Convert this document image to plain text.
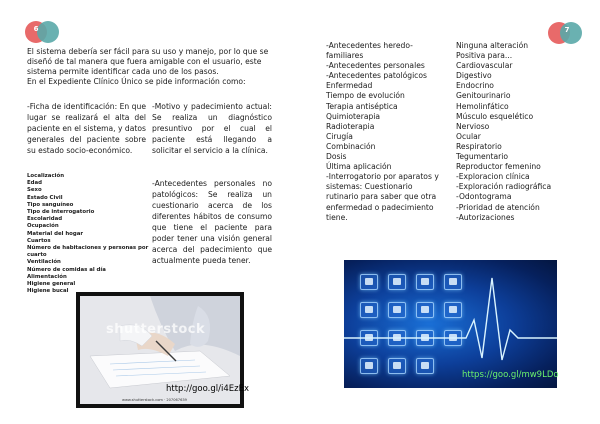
6
El sistema debería ser fácil para su uso y manejo, por lo que se
diseñó de tal manera que fuera amigable con el usuario, este
sistema permite identificar cada uno de los pasos.
En el Expediente Clínico Único se pide información como:

-Ficha de identificación: En que lugar se realizará el alta del paciente en el sistema, y datos generales del paciente sobre su estado socio-económico.

Localización
Edad
Sexo
Estado Civil
Tipo sanguíneo
Tipo de interrogatorio
Escolaridad
Ocupación
Material del hogar
Cuartos
Número de habitaciones y personas por cuarto
Ventilación
Número de comidas al día
Alimentación
Higiene general
Higiene bucal

-Motivo y padecimiento actual: Se realiza un diagnóstico presuntivo por el cual el paciente está llegando a solicitar el servicio a la clínica.

-Antecedentes personales no patológicos: Se realiza un cuestionario acerca de los diferentes hábitos de consumo que tiene el paciente para poder tener una visión general acerca del padecimiento que actualmente pueda tener.

shutterstock
http://goo.gl/i4EzEx
www.shutterstock.com · 207067639
7
-Antecedentes heredo-
familiares
-Antecedentes personales
-Antecedentes patológicos
Enfermedad
Tiempo de evolución
Terapia antiséptica
Quimioterapia
Radioterapia
Cirugía
Combinación
Dosis
Última aplicación
-Interrogatorio por aparatos y
sistemas: Cuestionario
rutinario para saber que otra
enfermedad o padecimiento
tiene.
Ninguna alteración
Positiva para...
Cardiovascular
Digestivo
Endocrino
Genitourinario
Hemolinfático
Músculo esquelético
Nervioso
Ocular
Respiratorio
Tegumentario
Reproductor femenino
-Exploracion clínica
-Exploración radiográfica
-Odontograma
-Prioridad de atención
-Autorizaciones
https://goo.gl/mw9LDo
